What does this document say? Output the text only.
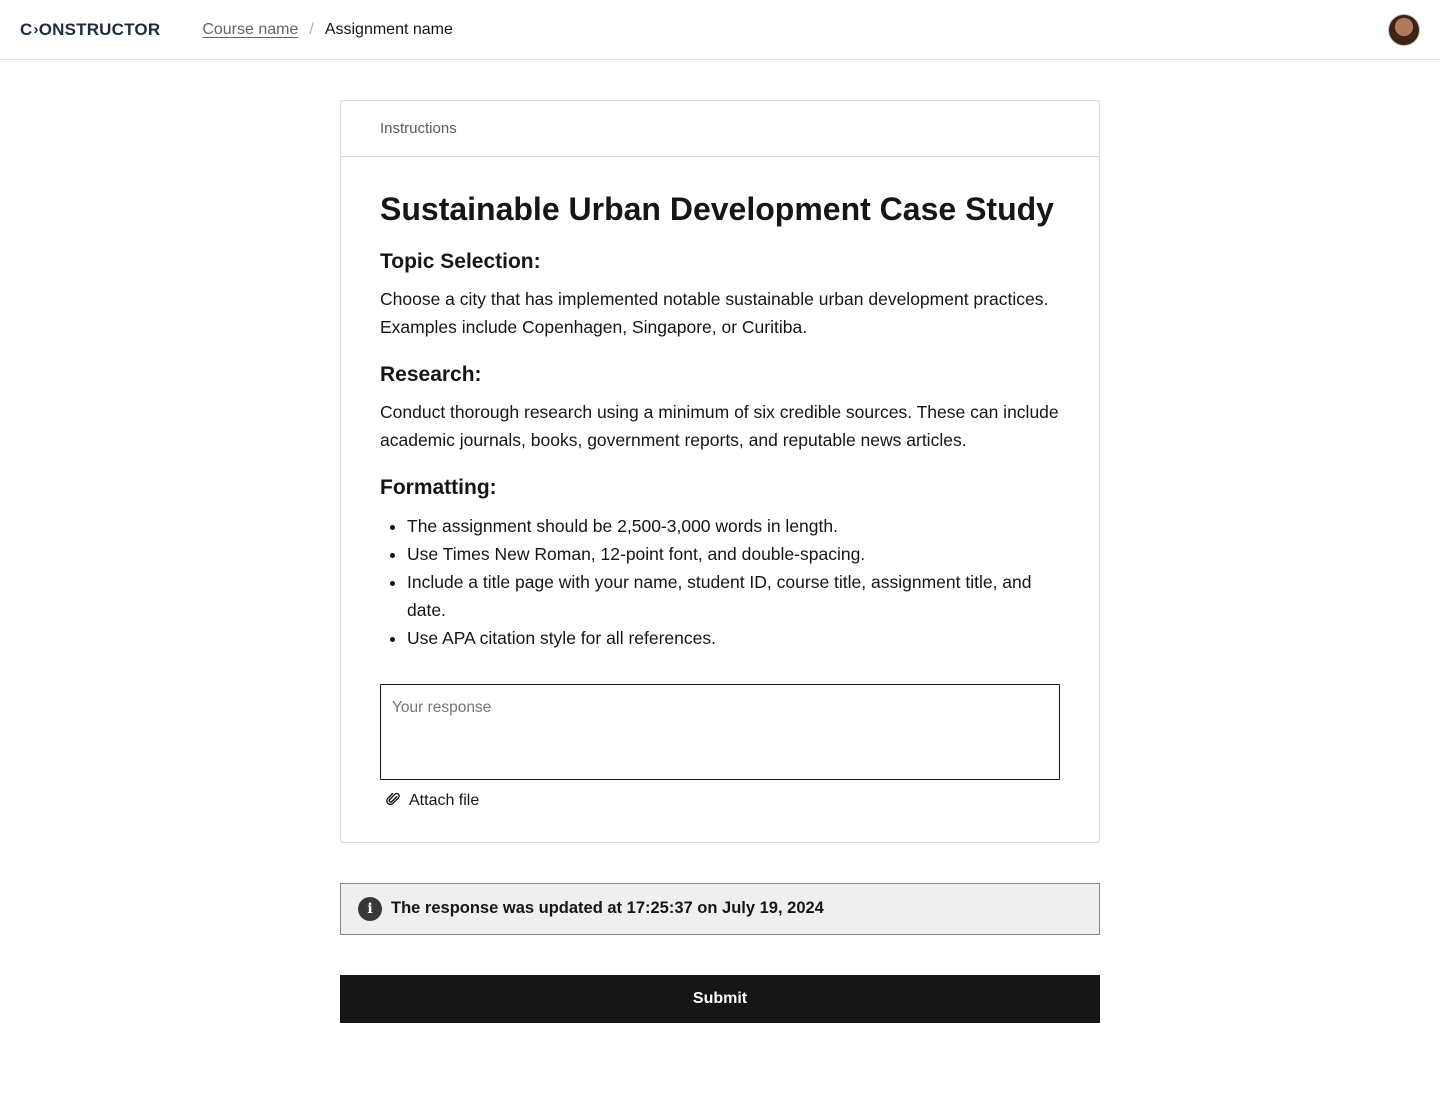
C › ONSTRUCTOR	Course name / Assignment name
Instructions
Sustainable Urban Development Case Study
Topic Selection:

Choose a city that has implemented notable sustainable urban development practices. Examples include Copenhagen, Singapore, or Curitiba.

Research:

Conduct thorough research using a minimum of six credible sources. These can include academic journals, books, government reports, and reputable news articles.

Formatting:
• The assignment should be 2,500-3,000 words in length.
• Use Times New Roman, 12-point font, and double-spacing.
• Include a title page with your name, student ID, course title, assignment title, and date.
• Use APA citation style for all references.
Your response
Attach file
i	The response was updated at 17:25:37 on July 19, 2024
Submit
